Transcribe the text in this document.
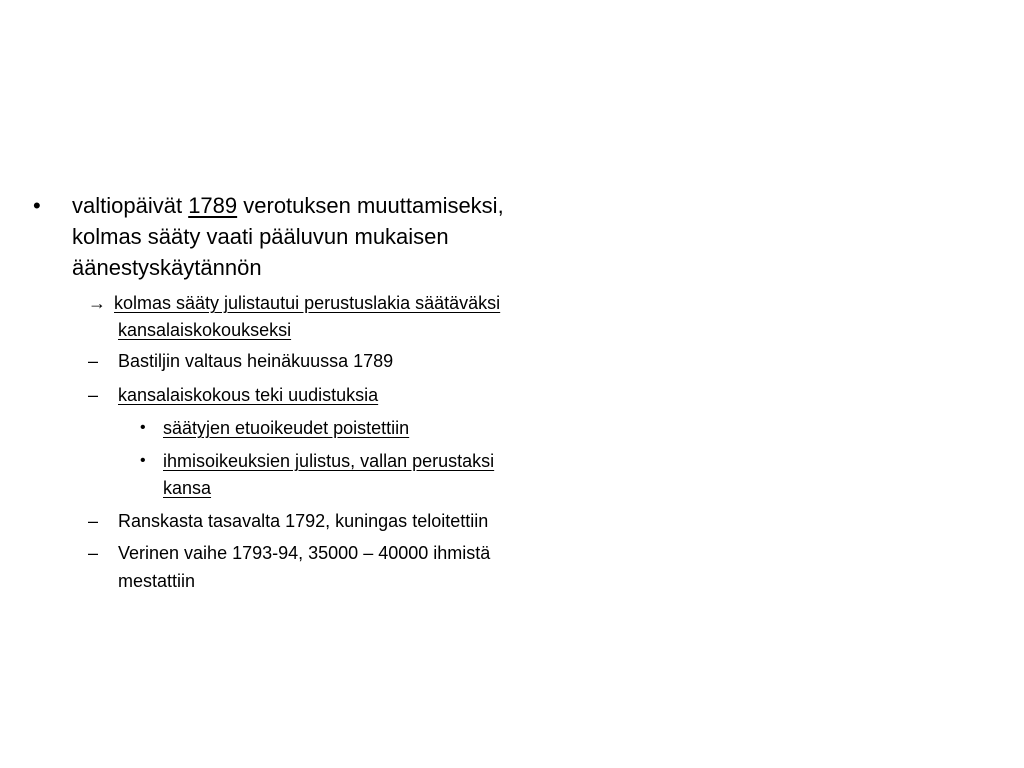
• valtiopäivät 1789 verotuksen muuttamiseksi,
kolmas sääty vaati pääluvun mukaisen
äänestyskäytännön
→ kolmas sääty julistautui perustuslakia säätäväksi
kansalaiskokoukseksi
– Bastiljin valtaus heinäkuussa 1789
– kansalaiskokous teki uudistuksia
• säätyjen etuoikeudet poistettiin
• ihmisoikeuksien julistus, vallan perustaksi
kansa
– Ranskasta tasavalta 1792, kuningas teloitettiin
– Verinen vaihe 1793-94, 35000 – 40000 ihmistä
mestattiin
